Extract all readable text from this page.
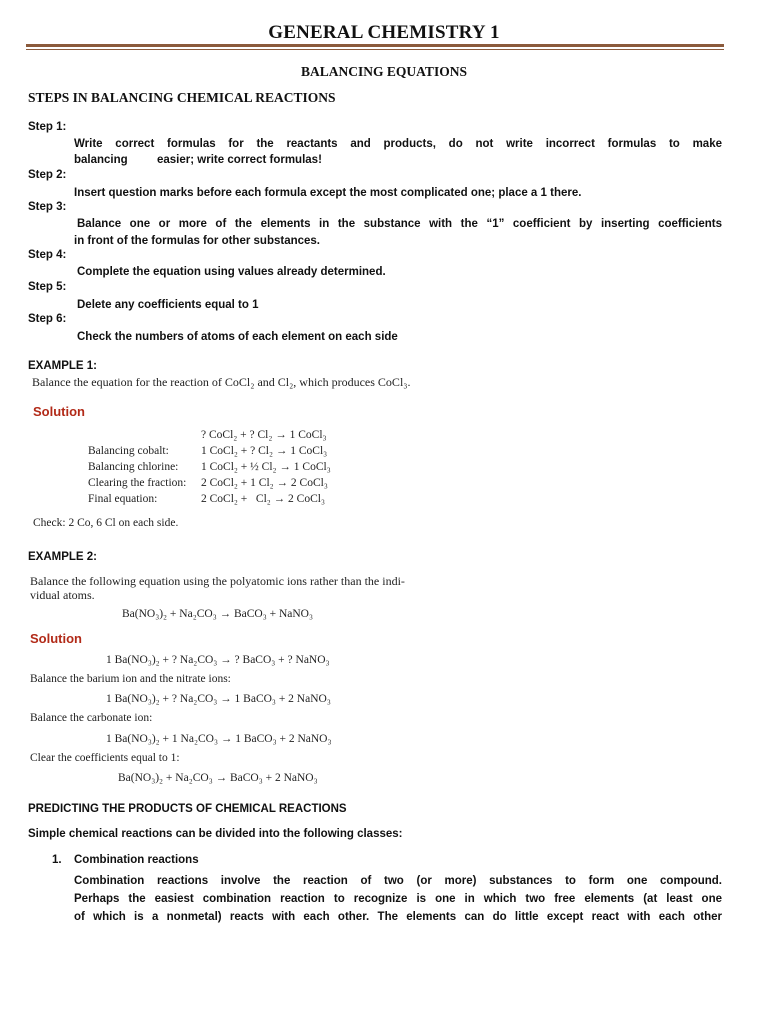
GENERAL CHEMISTRY 1
BALANCING EQUATIONS
STEPS IN BALANCING CHEMICAL REACTIONS
Step 1:
Write correct formulas for the reactants and products, do not write incorrect formulas to make
balancing	easier; write correct formulas!
Step 2:
Insert question marks before each formula except the most complicated one; place a 1 there.
Step 3:
Balance one or more of the elements in the substance with the “1” coefficient by inserting coefficients
in front of the formulas for other substances.
Step 4:
Complete the equation using values already determined.
Step 5:
Delete any coefficients equal to 1
Step 6:
Check the numbers of atoms of each element on each side
EXAMPLE 1:
Balance the equation for the reaction of CoCl₂ and Cl₂, which produces CoCl₃.
Solution
? CoCl₂ + ? Cl₂ → 1 CoCl₃
Balancing cobalt:	1 CoCl₂ + ? Cl₂ → 1 CoCl₃
Balancing chlorine: 1 CoCl₂ + ½ Cl₂ → 1 CoCl₃
Clearing the fraction: 2 CoCl₂ + 1 Cl₂ → 2 CoCl₃
Final equation:	2 CoCl₂ +   Cl₂ → 2 CoCl₃
Check: 2 Co, 6 Cl on each side.
EXAMPLE 2:
Balance the following equation using the polyatomic ions rather than the indi-
vidual atoms.
Ba(NO₃)₂ + Na₂CO₃ → BaCO₃ + NaNO₃
Solution
1 Ba(NO₃)₂ + ? Na₂CO₃ → ? BaCO₃ + ? NaNO₃
Balance the barium ion and the nitrate ions:
1 Ba(NO₃)₂ + ? Na₂CO₃ → 1 BaCO₃ + 2 NaNO₃
Balance the carbonate ion:
1 Ba(NO₃)₂ + 1 Na₂CO₃ → 1 BaCO₃ + 2 NaNO₃
Clear the coefficients equal to 1:
Ba(NO₃)₂ + Na₂CO₃ → BaCO₃ + 2 NaNO₃
PREDICTING THE PRODUCTS OF CHEMICAL REACTIONS
Simple chemical reactions can be divided into the following classes:
1. Combination reactions
Combination reactions involve the reaction of two (or more) substances to form one compound.
Perhaps the easiest combination reaction to recognize is one in which two free elements (at least one
of which is a nonmetal) reacts with each other. The elements can do little except react with each other
